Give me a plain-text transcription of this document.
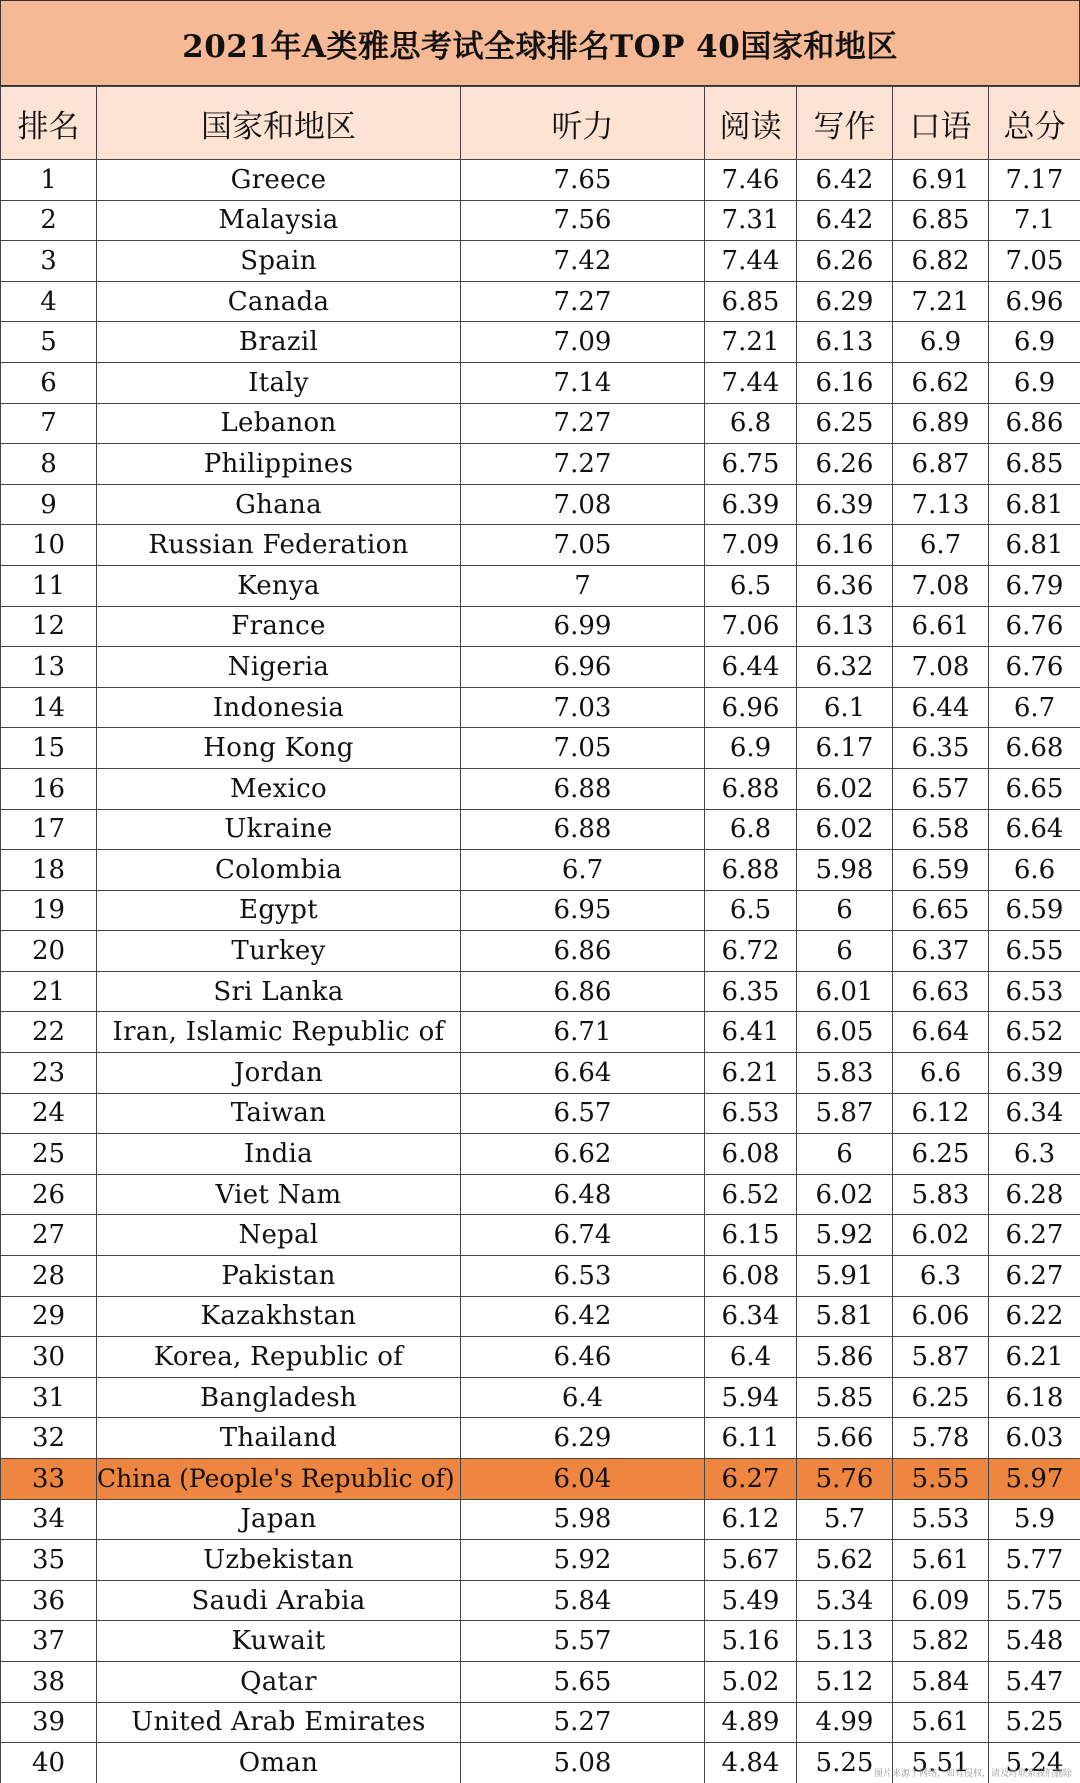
2021年A类雅思考试全球排名TOP 40国家和地区
排名	国家和地区	听力	阅读	写作	口语	总分
1	Greece	7.65	7.46	6.42	6.91	7.17
2	Malaysia	7.56	7.31	6.42	6.85	7.1
3	Spain	7.42	7.44	6.26	6.82	7.05
4	Canada	7.27	6.85	6.29	7.21	6.96
5	Brazil	7.09	7.21	6.13	6.9	6.9
6	Italy	7.14	7.44	6.16	6.62	6.9
7	Lebanon	7.27	6.8	6.25	6.89	6.86
8	Philippines	7.27	6.75	6.26	6.87	6.85
9	Ghana	7.08	6.39	6.39	7.13	6.81
10	Russian Federation	7.05	7.09	6.16	6.7	6.81
11	Kenya	7	6.5	6.36	7.08	6.79
12	France	6.99	7.06	6.13	6.61	6.76
13	Nigeria	6.96	6.44	6.32	7.08	6.76
14	Indonesia	7.03	6.96	6.1	6.44	6.7
15	Hong Kong	7.05	6.9	6.17	6.35	6.68
16	Mexico	6.88	6.88	6.02	6.57	6.65
17	Ukraine	6.88	6.8	6.02	6.58	6.64
18	Colombia	6.7	6.88	5.98	6.59	6.6
19	Egypt	6.95	6.5	6	6.65	6.59
20	Turkey	6.86	6.72	6	6.37	6.55
21	Sri Lanka	6.86	6.35	6.01	6.63	6.53
22	Iran, Islamic Republic of	6.71	6.41	6.05	6.64	6.52
23	Jordan	6.64	6.21	5.83	6.6	6.39
24	Taiwan	6.57	6.53	5.87	6.12	6.34
25	India	6.62	6.08	6	6.25	6.3
26	Viet Nam	6.48	6.52	6.02	5.83	6.28
27	Nepal	6.74	6.15	5.92	6.02	6.27
28	Pakistan	6.53	6.08	5.91	6.3	6.27
29	Kazakhstan	6.42	6.34	5.81	6.06	6.22
30	Korea, Republic of	6.46	6.4	5.86	5.87	6.21
31	Bangladesh	6.4	5.94	5.85	6.25	6.18
32	Thailand	6.29	6.11	5.66	5.78	6.03
33	China (People's Republic of)	6.04	6.27	5.76	5.55	5.97
34	Japan	5.98	6.12	5.7	5.53	5.9
35	Uzbekistan	5.92	5.67	5.62	5.61	5.77
36	Saudi Arabia	5.84	5.49	5.34	6.09	5.75
37	Kuwait	5.57	5.16	5.13	5.82	5.48
38	Qatar	5.65	5.02	5.12	5.84	5.47
39	United Arab Emirates	5.27	4.89	4.99	5.61	5.25
40	Oman	5.08	4.84	5.25	5.51	5.24
图片来源于网络，如有侵权，请及时联系我们删除
